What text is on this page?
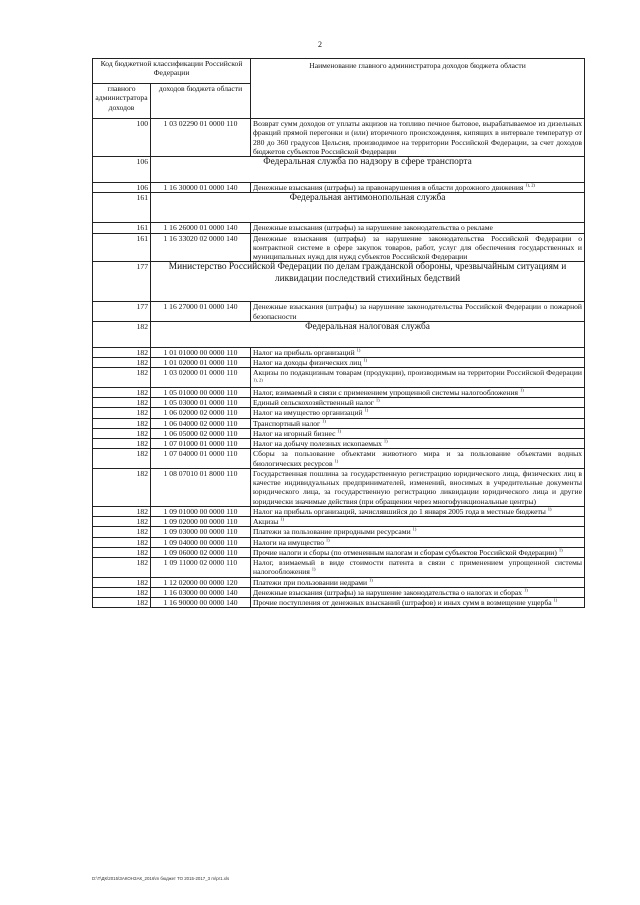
2
Код бюджетной классификации Российской Федерации		Наименование главного администратора доходов бюджета области
главного администратора доходов	доходов бюджета области	
100	1 03 02290 01 0000 110	Возврат сумм доходов от уплаты акцизов на топливо печное бытовое, вырабатываемое из дизельных фракций прямой перегонки и (или) вторичного происхождения, кипящих в интервале температур от 280 до 360 градусов Цельсия, производимое на территории Российской Федерации, за счет доходов бюджетов субъектов Российской Федерации
106	Федеральная служба по надзору в сфере транспорта	
106	1 16 30000 01 0000 140	Денежные взыскания (штрафы) за правонарушения в области дорожного движения $^{1), 2)}$
161	Федеральная антимонопольная служба	
161	1 16 26000 01 0000 140	Денежные взыскания (штрафы) за нарушение законодательства о рекламе
161	1 16 33020 02 0000 140	Денежные взыскания (штрафы) за нарушение законодательства Российской Федерации о контрактной системе в сфере закупок товаров, работ, услуг для обеспечения государственных и муниципальных нужд для нужд субъектов Российской Федерации
177	Министерство Российской Федерации по делам гражданской обороны, чрезвычайным ситуациям и ликвидации последствий стихийных бедствий	
177	1 16 27000 01 0000 140	Денежные взыскания (штрафы) за нарушение законодательства Российской Федерации о пожарной безопасности
182	Федеральная налоговая служба	
182	1 01 01000 00 0000 110	Налог на прибыль организаций $^{1)}$
182	1 01 02000 01 0000 110	Налог на доходы физических лиц $^{1)}$
182	1 03 02000 01 0000 110	Акцизы по подакцизным товарам (продукции), производимым на территории Российской Федерации $^{1), 2)}$
182	1 05 01000 00 0000 110	Налог, взимаемый в связи с применением упрощенной системы налогообложения $^{1)}$
182	1 05 03000 01 0000 110	Единый сельскохозяйственный налог $^{1)}$
182	1 06 02000 02 0000 110	Налог на имущество организаций $^{1)}$
182	1 06 04000 02 0000 110	Транспортный налог $^{1)}$
182	1 06 05000 02 0000 110	Налог на игорный бизнес $^{1)}$
182	1 07 01000 01 0000 110	Налог на добычу полезных ископаемых $^{1)}$
182	1 07 04000 01 0000 110	Сборы за пользование объектами животного мира и за пользование объектами водных биологических ресурсов $^{1)}$
182	1 08 07010 01 8000 110	Государственная пошлина за государственную регистрацию юридического лица, физических лиц в качестве индивидуальных предпринимателей, изменений, вносимых в учредительные документы юридического лица, за государственную регистрацию ликвидации юридического лица и другие юридически значимые действия (при обращении через многофункциональные центры)
182	1 09 01000 00 0000 110	Налог на прибыль организаций, зачислявшийся до 1 января 2005 года в местные бюджеты $^{1)}$
182	1 09 02000 00 0000 110	Акцизы $^{1)}$
182	1 09 03000 00 0000 110	Платежи за пользование природными ресурсами $^{1)}$
182	1 09 04000 00 0000 110	Налоги на имущество $^{1)}$
182	1 09 06000 02 0000 110	Прочие налоги и сборы (по отмененным налогам и сборам субъектов Российской Федерации) $^{1)}$
182	1 09 11000 02 0000 110	Налог, взимаемый в виде стоимости патента в связи с применением упрощенной системы налогообложения $^{1)}$
182	1 12 02000 00 0000 120	Платежи при пользовании недрами $^{1)}$
182	1 16 03000 00 0000 140	Денежные взыскания (штрафы) за нарушение законодательства о налогах и сборах $^{1)}$
182	1 16 90000 00 0000 140	Прочие поступления от денежных взысканий (штрафов) и иных сумм в возмещение ущерба $^{1)}$
D:\Т\ДК\2015\ЗАКОНЗАК_2016\m бюджет ТО 2015-2017_3 m\pr1.xls
